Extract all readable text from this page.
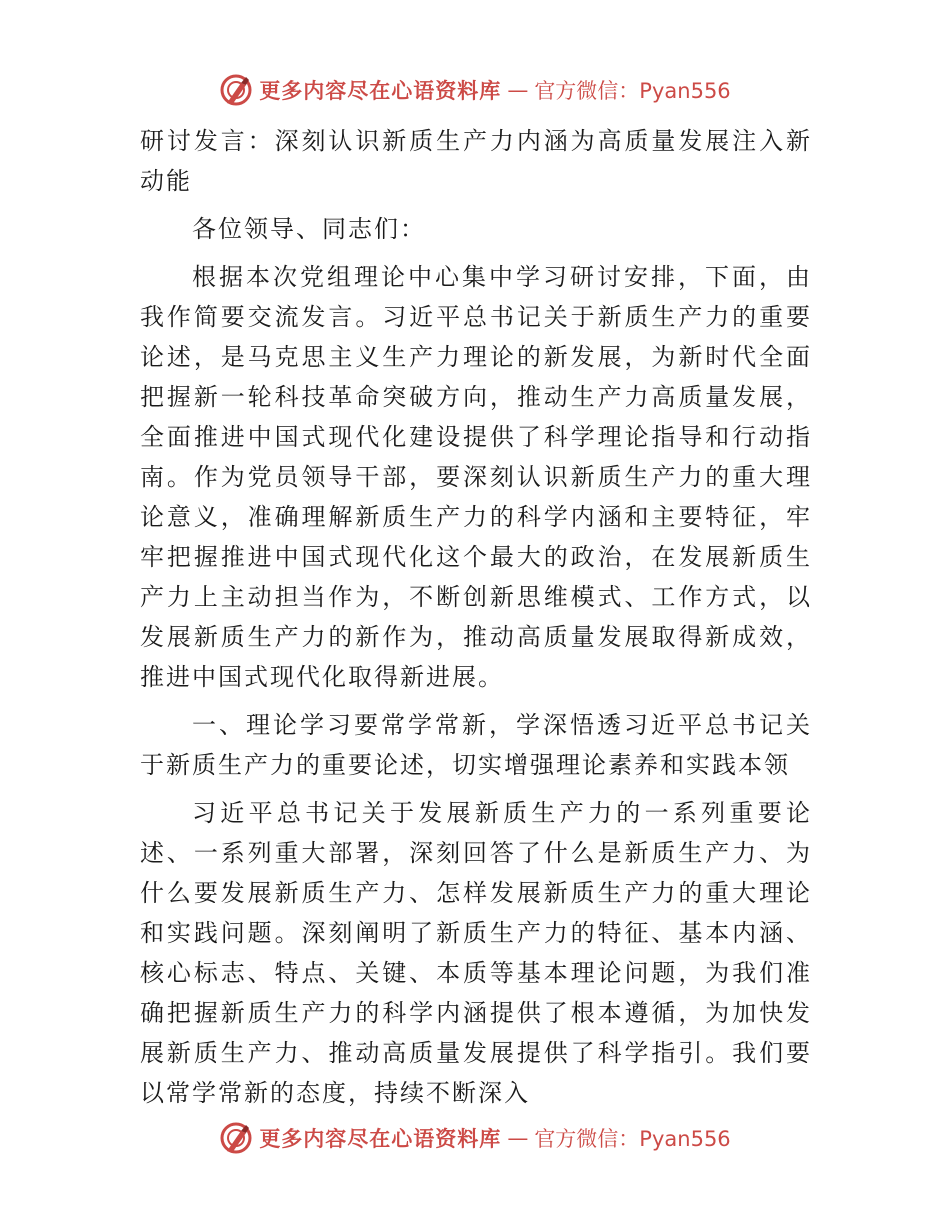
更多内容尽在心语资料库 — 官方微信：Pyan556

研讨发言：深刻认识新质生产力内涵为高质量发展注入新动能

各位领导、同志们：

根据本次党组理论中心集中学习研讨安排，下面，由我作简要交流发言。习近平总书记关于新质生产力的重要论述，是马克思主义生产力理论的新发展，为新时代全面把握新一轮科技革命突破方向，推动生产力高质量发展，全面推进中国式现代化建设提供了科学理论指导和行动指南。作为党员领导干部，要深刻认识新质生产力的重大理论意义，准确理解新质生产力的科学内涵和主要特征，牢牢把握推进中国式现代化这个最大的政治，在发展新质生产力上主动担当作为，不断创新思维模式、工作方式，以发展新质生产力的新作为，推动高质量发展取得新成效，推进中国式现代化取得新进展。

一、理论学习要常学常新，学深悟透习近平总书记关于新质生产力的重要论述，切实增强理论素养和实践本领

习近平总书记关于发展新质生产力的一系列重要论述、一系列重大部署，深刻回答了什么是新质生产力、为什么要发展新质生产力、怎样发展新质生产力的重大理论和实践问题。深刻阐明了新质生产力的特征、基本内涵、核心标志、特点、关键、本质等基本理论问题，为我们准确把握新质生产力的科学内涵提供了根本遵循，为加快发展新质生产力、推动高质量发展提供了科学指引。我们要以常学常新的态度，持续不断深入

更多内容尽在心语资料库 — 官方微信：Pyan556
